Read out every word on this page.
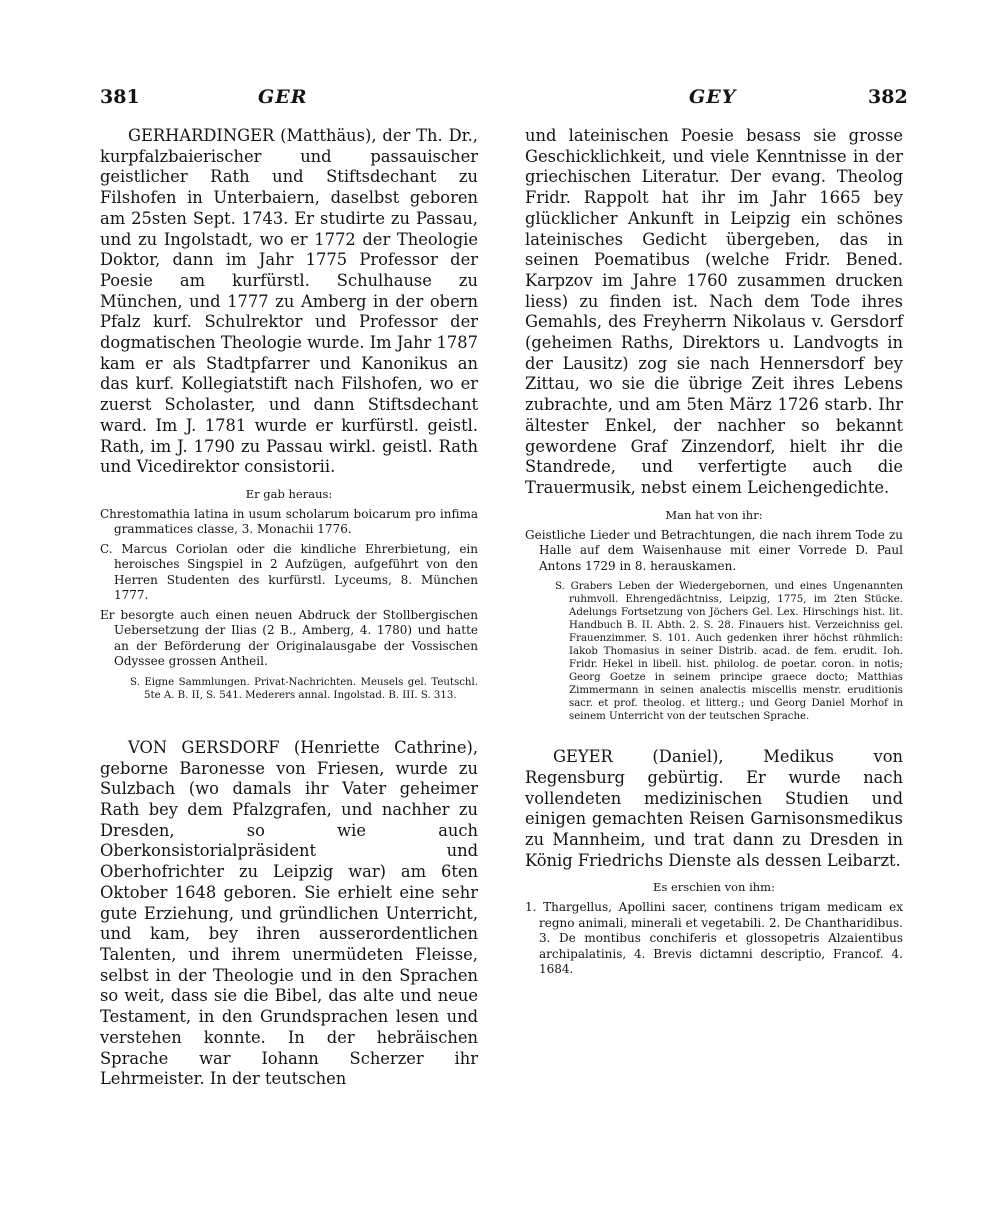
381	GER	GEY	382

GERHARDINGER (Matthäus), der Th. Dr., kurpfalzbaierischer und passauischer geistlicher Rath und Stiftsdechant zu Filshofen in Unterbaiern, daselbst geboren am 25sten Sept. 1743. Er studirte zu Passau, und zu Ingolstadt, wo er 1772 der Theologie Doktor, dann im Jahr 1775 Professor der Poesie am kurfürstl. Schulhause zu München, und 1777 zu Amberg in der obern Pfalz kurf. Schulrektor und Professor der dogmatischen Theologie wurde. Im Jahr 1787 kam er als Stadtpfarrer und Kanonikus an das kurf. Kollegiatstift nach Filshofen, wo er zuerst Scholaster, und dann Stiftsdechant ward. Im J. 1781 wurde er kurfürstl. geistl. Rath, im J. 1790 zu Passau wirkl. geistl. Rath und Vicedirektor consistorii.

Er gab heraus:

Chrestomathia latina in usum scholarum boicarum pro infima grammatices classe, 3. Monachii 1776.

C. Marcus Coriolan oder die kindliche Ehrerbietung, ein heroisches Singspiel in 2 Aufzügen, aufgeführt von den Herren Studenten des kurfürstl. Lyceums, 8. München 1777.

Er besorgte auch einen neuen Abdruck der Stollbergischen Uebersetzung der Ilias (2 B., Amberg, 4. 1780) und hatte an der Beförderung der Originalausgabe der Vossischen Odyssee grossen Antheil.

S. Eigne Sammlungen. Privat-Nachrichten. Meusels gel. Teutschl. 5te A. B. II, S. 541. Mederers annal. Ingolstad. B. III. S. 313.

VON GERSDORF (Henriette Cathrine), geborne Baronesse von Friesen, wurde zu Sulzbach (wo damals ihr Vater geheimer Rath bey dem Pfalzgrafen, und nachher zu Dresden, so wie auch Oberkonsistorialpräsident und Oberhofrichter zu Leipzig war) am 6ten Oktober 1648 geboren. Sie erhielt eine sehr gute Erziehung, und gründlichen Unterricht, und kam, bey ihren ausserordentlichen Talenten, und ihrem unermüdeten Fleisse, selbst in der Theologie und in den Sprachen so weit, dass sie die Bibel, das alte und neue Testament, in den Grundsprachen lesen und verstehen konnte. In der hebräischen Sprache war Iohann Scherzer ihr Lehrmeister. In der teutschen

und lateinischen Poesie besass sie grosse Geschicklichkeit, und viele Kenntnisse in der griechischen Literatur. Der evang. Theolog Fridr. Rappolt hat ihr im Jahr 1665 bey glücklicher Ankunft in Leipzig ein schönes lateinisches Gedicht übergeben, das in seinen Poematibus (welche Fridr. Bened. Karpzov im Jahre 1760 zusammen drucken liess) zu finden ist. Nach dem Tode ihres Gemahls, des Freyherrn Nikolaus v. Gersdorf (geheimen Raths, Direktors u. Landvogts in der Lausitz) zog sie nach Hennersdorf bey Zittau, wo sie die übrige Zeit ihres Lebens zubrachte, und am 5ten März 1726 starb. Ihr ältester Enkel, der nachher so bekannt gewordene Graf Zinzendorf, hielt ihr die Standrede, und verfertigte auch die Trauermusik, nebst einem Leichengedichte.

Man hat von ihr:

Geistliche Lieder und Betrachtungen, die nach ihrem Tode zu Halle auf dem Waisenhause mit einer Vorrede D. Paul Antons 1729 in 8. herauskamen.

S. Grabers Leben der Wiedergebornen, und eines Ungenannten ruhmvoll. Ehrengedächtniss, Leipzig, 1775, im 2ten Stücke. Adelungs Fortsetzung von Jöchers Gel. Lex. Hirschings hist. lit. Handbuch B. II. Abth. 2. S. 28. Finauers hist. Verzeichniss gel. Frauenzimmer. S. 101. Auch gedenken ihrer höchst rühmlich: Iakob Thomasius in seiner Distrib. acad. de fem. erudit. Ioh. Fridr. Hekel in libell. hist. philolog. de poetar. coron. in notis; Georg Goetze in seinem principe graece docto; Matthias Zimmermann in seinen analectis miscellis menstr. eruditionis sacr. et prof. theolog. et litterg.; und Georg Daniel Morhof in seinem Unterricht von der teutschen Sprache.

GEYER (Daniel), Medikus von Regensburg gebürtig. Er wurde nach vollendeten medizinischen Studien und einigen gemachten Reisen Garnisonsmedikus zu Mannheim, und trat dann zu Dresden in König Friedrichs Dienste als dessen Leibarzt.

Es erschien von ihm:

1. Thargellus, Apollini sacer, continens trigam medicam ex regno animali, minerali et vegetabili. 2. De Chantharidibus. 3. De montibus conchiferis et glossopetris Alzaientibus archipalatinis, 4. Brevis dictamni descriptio, Francof. 4. 1684.
